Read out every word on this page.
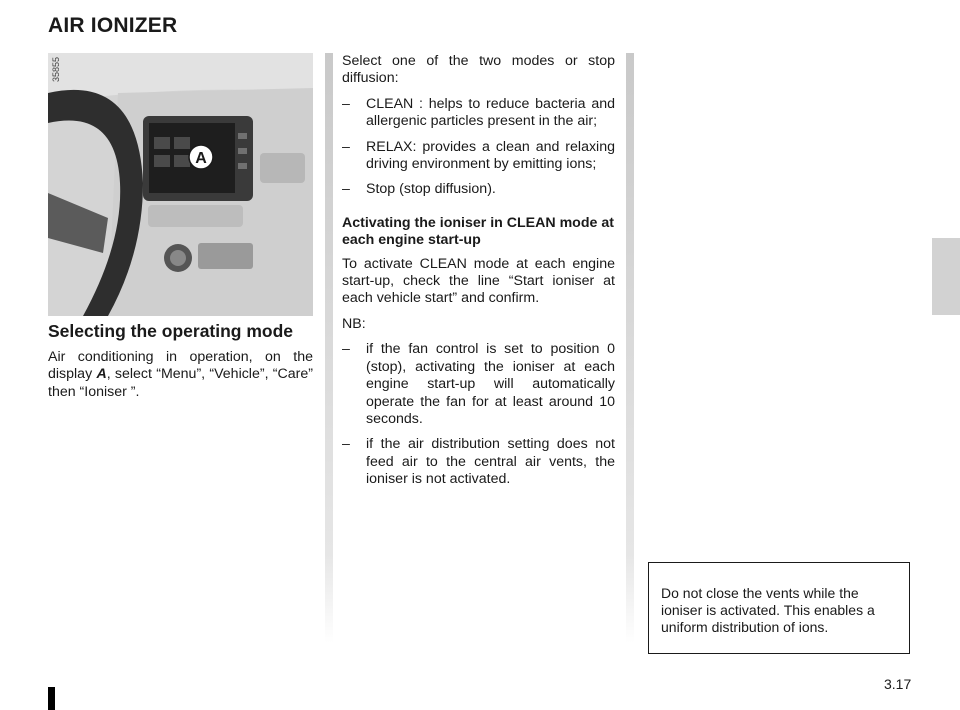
AIR IONIZER
A
35855
Selecting the operating mode

Air conditioning in operation, on the display A, select “Menu”, “Vehicle”, “Care” then “Ioniser ”.

Select one of the two modes or stop diffusion:

–	CLEAN : helps to reduce bacteria and allergenic particles present in the air;
–	RELAX: provides a clean and relaxing driving environment by emitting ions;
–	Stop (stop diffusion).

Activating the ioniser in CLEAN mode at each engine start-up

To activate CLEAN mode at each engine start-up, check the line “Start ioniser at each vehicle start” and confirm.

NB:

–	if the fan control is set to position 0 (stop), activating the ioniser at each engine start-up will automatically operate the fan for at least around 10 seconds.
–	if the air distribution setting does not feed air to the central air vents, the ioniser is not activated.

Do not close the vents while the ioniser is activated. This enables a uniform distribution of ions.

3.17
